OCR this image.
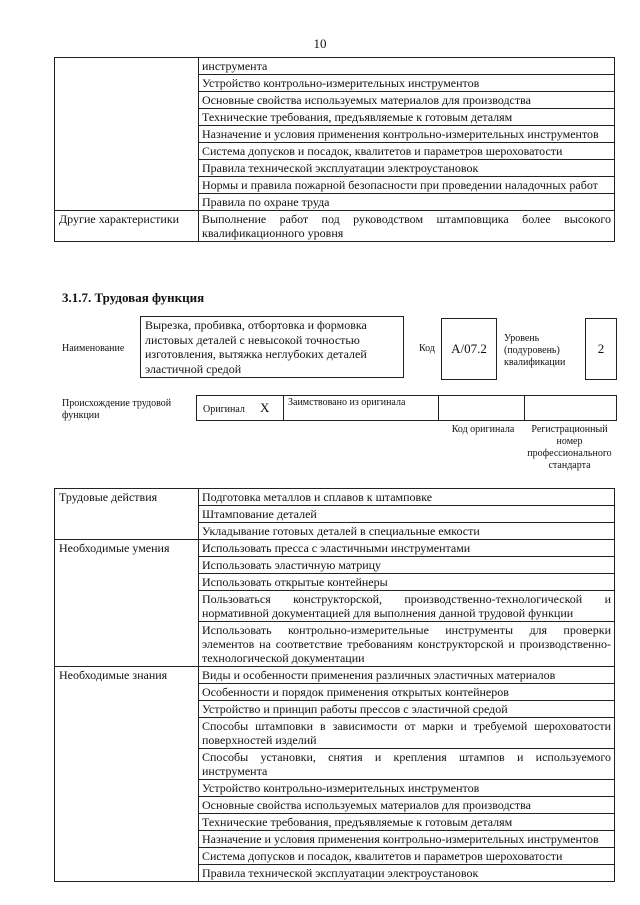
10
	инструмента
	Устройство контрольно-измерительных инструментов
	Основные свойства используемых материалов для производства
	Технические требования, предъявляемые к готовым деталям
	Назначение и условия применения контрольно-измерительных инструментов
	Система допусков и посадок, квалитетов и параметров шероховатости
	Правила технической эксплуатации электроустановок
	Нормы и правила пожарной безопасности при проведении наладочных работ
	Правила по охране труда
Другие характеристики	Выполнение работ под руководством штамповщика более высокого квалификационного уровня
3.1.7. Трудовая функция
Наименование
Вырезка, пробивка, отбортовка и формовка листовых деталей с невысокой точностью изготовления, вытяжка неглубоких деталей эластичной средой
Код	А/07.2
Уровень (подуровень) квалификации
2
Происхождение трудовой функции
Оригинал X Заимствовано из оригинала
Код оригинала	Регистрационный номер профессионального стандарта
Трудовые действия	Подготовка металлов и сплавов к штамповке
	Штампование деталей
	Укладывание готовых деталей в специальные емкости
Необходимые умения	Использовать пресса с эластичными инструментами
	Использовать эластичную матрицу
	Использовать открытые контейнеры
	Пользоваться конструкторской, производственно-технологической и нормативной документацией для выполнения данной трудовой функции
	Использовать контрольно-измерительные инструменты для проверки элементов на соответствие требованиям конструкторской и производственно-технологической документации
Необходимые знания	Виды и особенности применения различных эластичных материалов
	Особенности и порядок применения открытых контейнеров
	Устройство и принцип работы прессов с эластичной средой
	Способы штамповки в зависимости от марки и требуемой шероховатости поверхностей изделий
	Способы установки, снятия и крепления штампов и используемого инструмента
	Устройство контрольно-измерительных инструментов
	Основные свойства используемых материалов для производства
	Технические требования, предъявляемые к готовым деталям
	Назначение и условия применения контрольно-измерительных инструментов
	Система допусков и посадок, квалитетов и параметров шероховатости
	Правила технической эксплуатации электроустановок
